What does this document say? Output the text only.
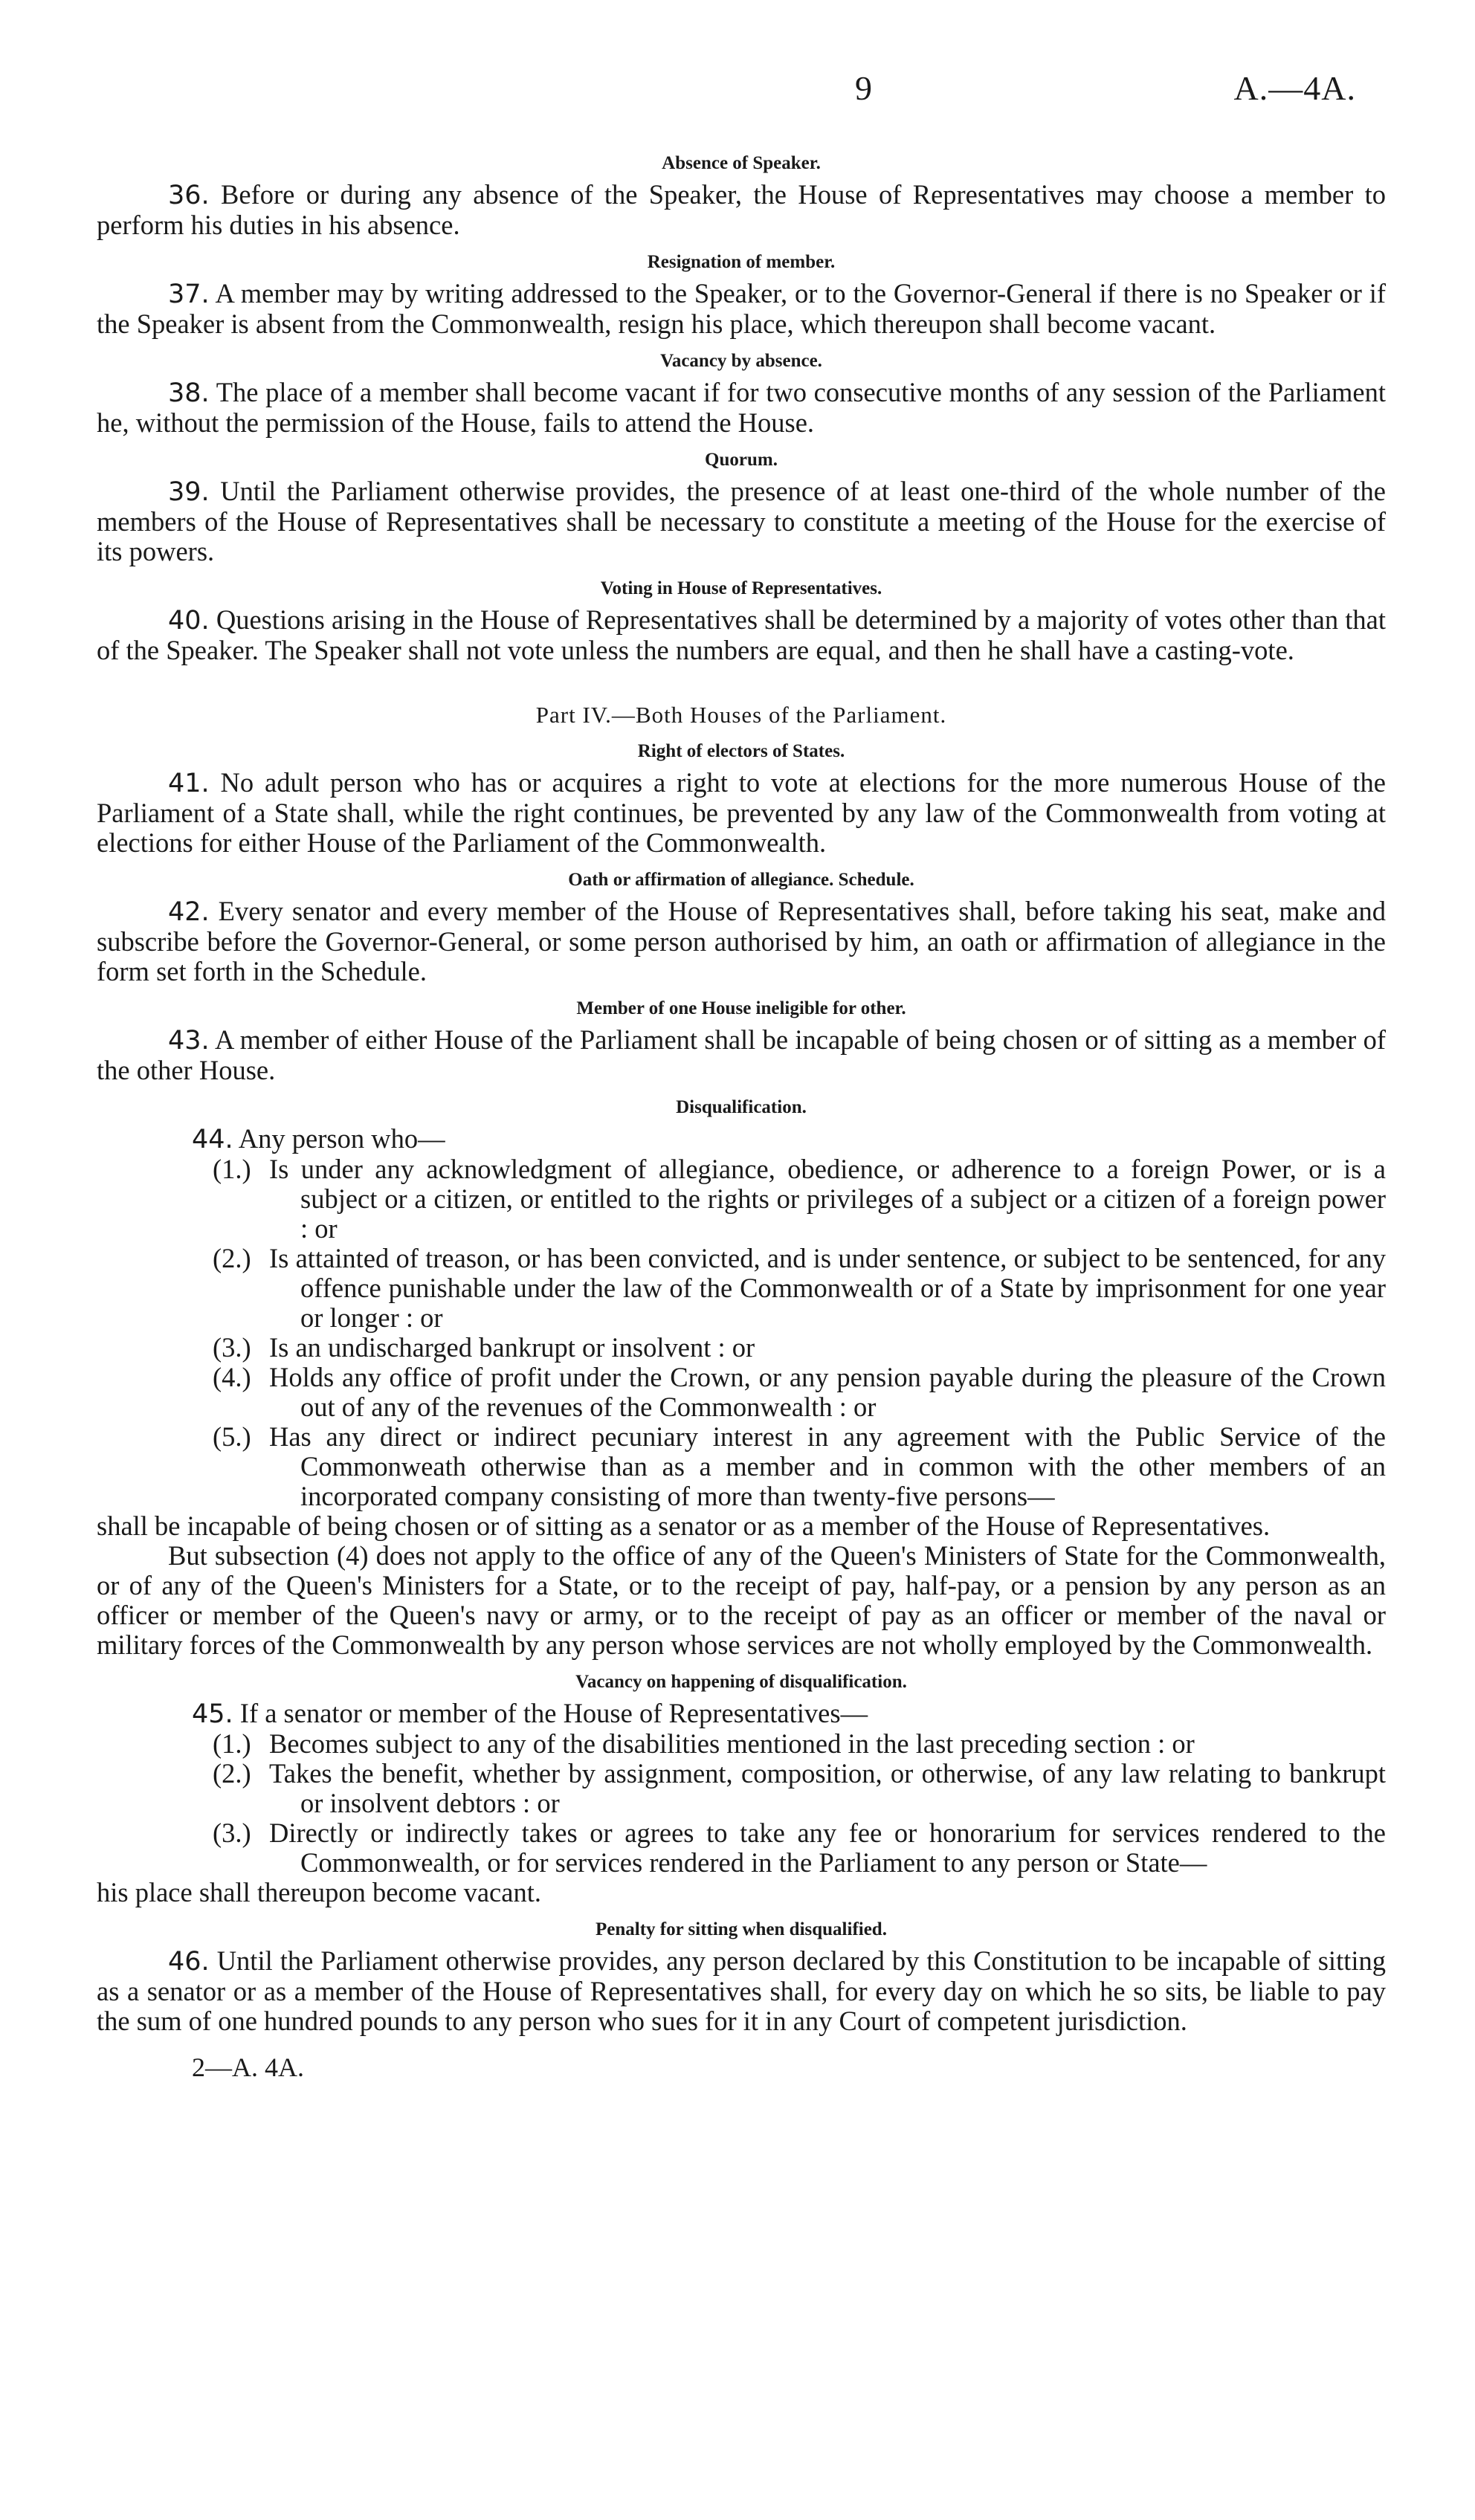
9	A.—4A.
Absence of Speaker.

36. Before or during any absence of the Speaker, the House of Representatives may choose a member to perform his duties in his absence.

Resignation of member.

37. A member may by writing addressed to the Speaker, or to the Governor-General if there is no Speaker or if the Speaker is absent from the Commonwealth, resign his place, which thereupon shall become vacant.

Vacancy by absence.

38. The place of a member shall become vacant if for two consecutive months of any session of the Parliament he, without the permission of the House, fails to attend the House.

Quorum.

39. Until the Parliament otherwise provides, the presence of at least one-third of the whole number of the members of the House of Representatives shall be necessary to constitute a meeting of the House for the exercise of its powers.

Voting in House of Representatives.

40. Questions arising in the House of Representatives shall be determined by a majority of votes other than that of the Speaker. The Speaker shall not vote unless the numbers are equal, and then he shall have a casting-vote.

Part IV.—Both Houses of the Parliament.
Right of electors of States.

41. No adult person who has or acquires a right to vote at elections for the more numerous House of the Parliament of a State shall, while the right continues, be prevented by any law of the Commonwealth from voting at elections for either House of the Parliament of the Commonwealth.

Oath or affirmation of allegiance. Schedule.

42. Every senator and every member of the House of Representatives shall, before taking his seat, make and subscribe before the Governor-General, or some person authorised by him, an oath or affirmation of allegiance in the form set forth in the Schedule.

Member of one House ineligible for other.

43. A member of either House of the Parliament shall be incapable of being chosen or of sitting as a member of the other House.

Disqualification.

44. Any person who—

(1.) Is under any acknowledgment of allegiance, obedience, or adherence to a foreign Power, or is a subject or a citizen, or entitled to the rights or privileges of a subject or a citizen of a foreign power : or
(2.) Is attainted of treason, or has been convicted, and is under sentence, or subject to be sentenced, for any offence punishable under the law of the Commonwealth or of a State by imprisonment for one year or longer : or
(3.) Is an undischarged bankrupt or insolvent : or
(4.) Holds any office of profit under the Crown, or any pension payable during the pleasure of the Crown out of any of the revenues of the Commonwealth : or
(5.) Has any direct or indirect pecuniary interest in any agreement with the Public Service of the Commonweath otherwise than as a member and in common with the other members of an incorporated company consisting of more than twenty-five persons—

shall be incapable of being chosen or of sitting as a senator or as a member of the House of Representatives.

But subsection (4) does not apply to the office of any of the Queen's Ministers of State for the Commonwealth, or of any of the Queen's Ministers for a State, or to the receipt of pay, half-pay, or a pension by any person as an officer or member of the Queen's navy or army, or to the receipt of pay as an officer or member of the naval or military forces of the Commonwealth by any person whose services are not wholly employed by the Commonwealth.

Vacancy on happening of disqualification.

45. If a senator or member of the House of Representatives—

(1.) Becomes subject to any of the disabilities mentioned in the last preceding section : or
(2.) Takes the benefit, whether by assignment, composition, or otherwise, of any law relating to bankrupt or insolvent debtors : or
(3.) Directly or indirectly takes or agrees to take any fee or honorarium for services rendered to the Commonwealth, or for services rendered in the Parliament to any person or State—

his place shall thereupon become vacant.

Penalty for sitting when disqualified.

46. Until the Parliament otherwise provides, any person declared by this Constitution to be incapable of sitting as a senator or as a member of the House of Representatives shall, for every day on which he so sits, be liable to pay the sum of one hundred pounds to any person who sues for it in any Court of competent jurisdiction.

2—A. 4A.
